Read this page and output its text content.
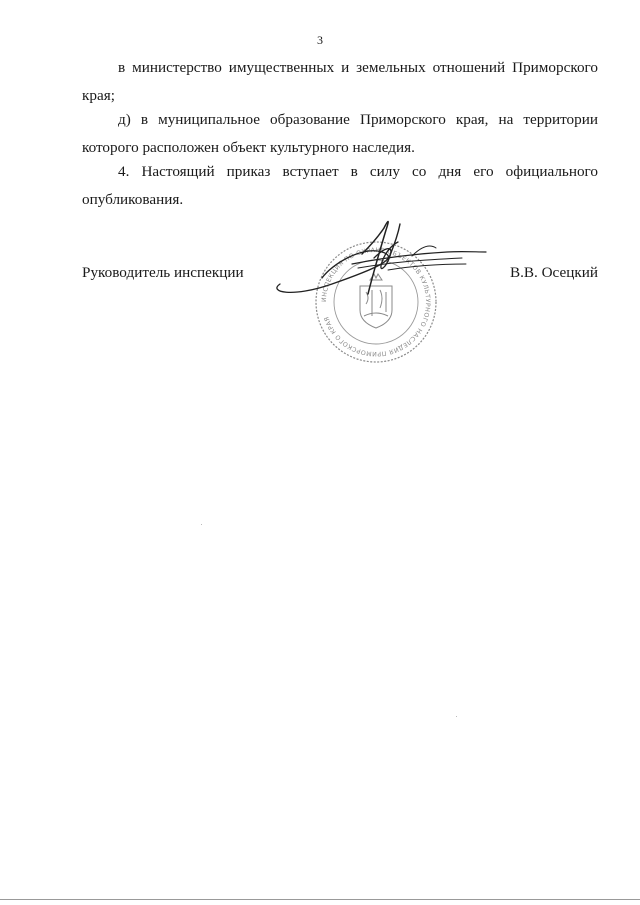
3
в министерство имущественных и земельных отношений Приморского
края;
д) в муниципальное образование Приморского края, на территории
которого расположен объект культурного наследия.
4. Настоящий приказ вступает в силу со дня его официального
опубликования.
ИНСПЕКЦИЯ ПО ОХРАНЕ ОБЪЕКТОВ КУЛЬТУРНОГО НАСЛЕДИЯ ПРИМОРСКОГО КРАЯ
Руководитель инспекции	В.В. Осецкий
